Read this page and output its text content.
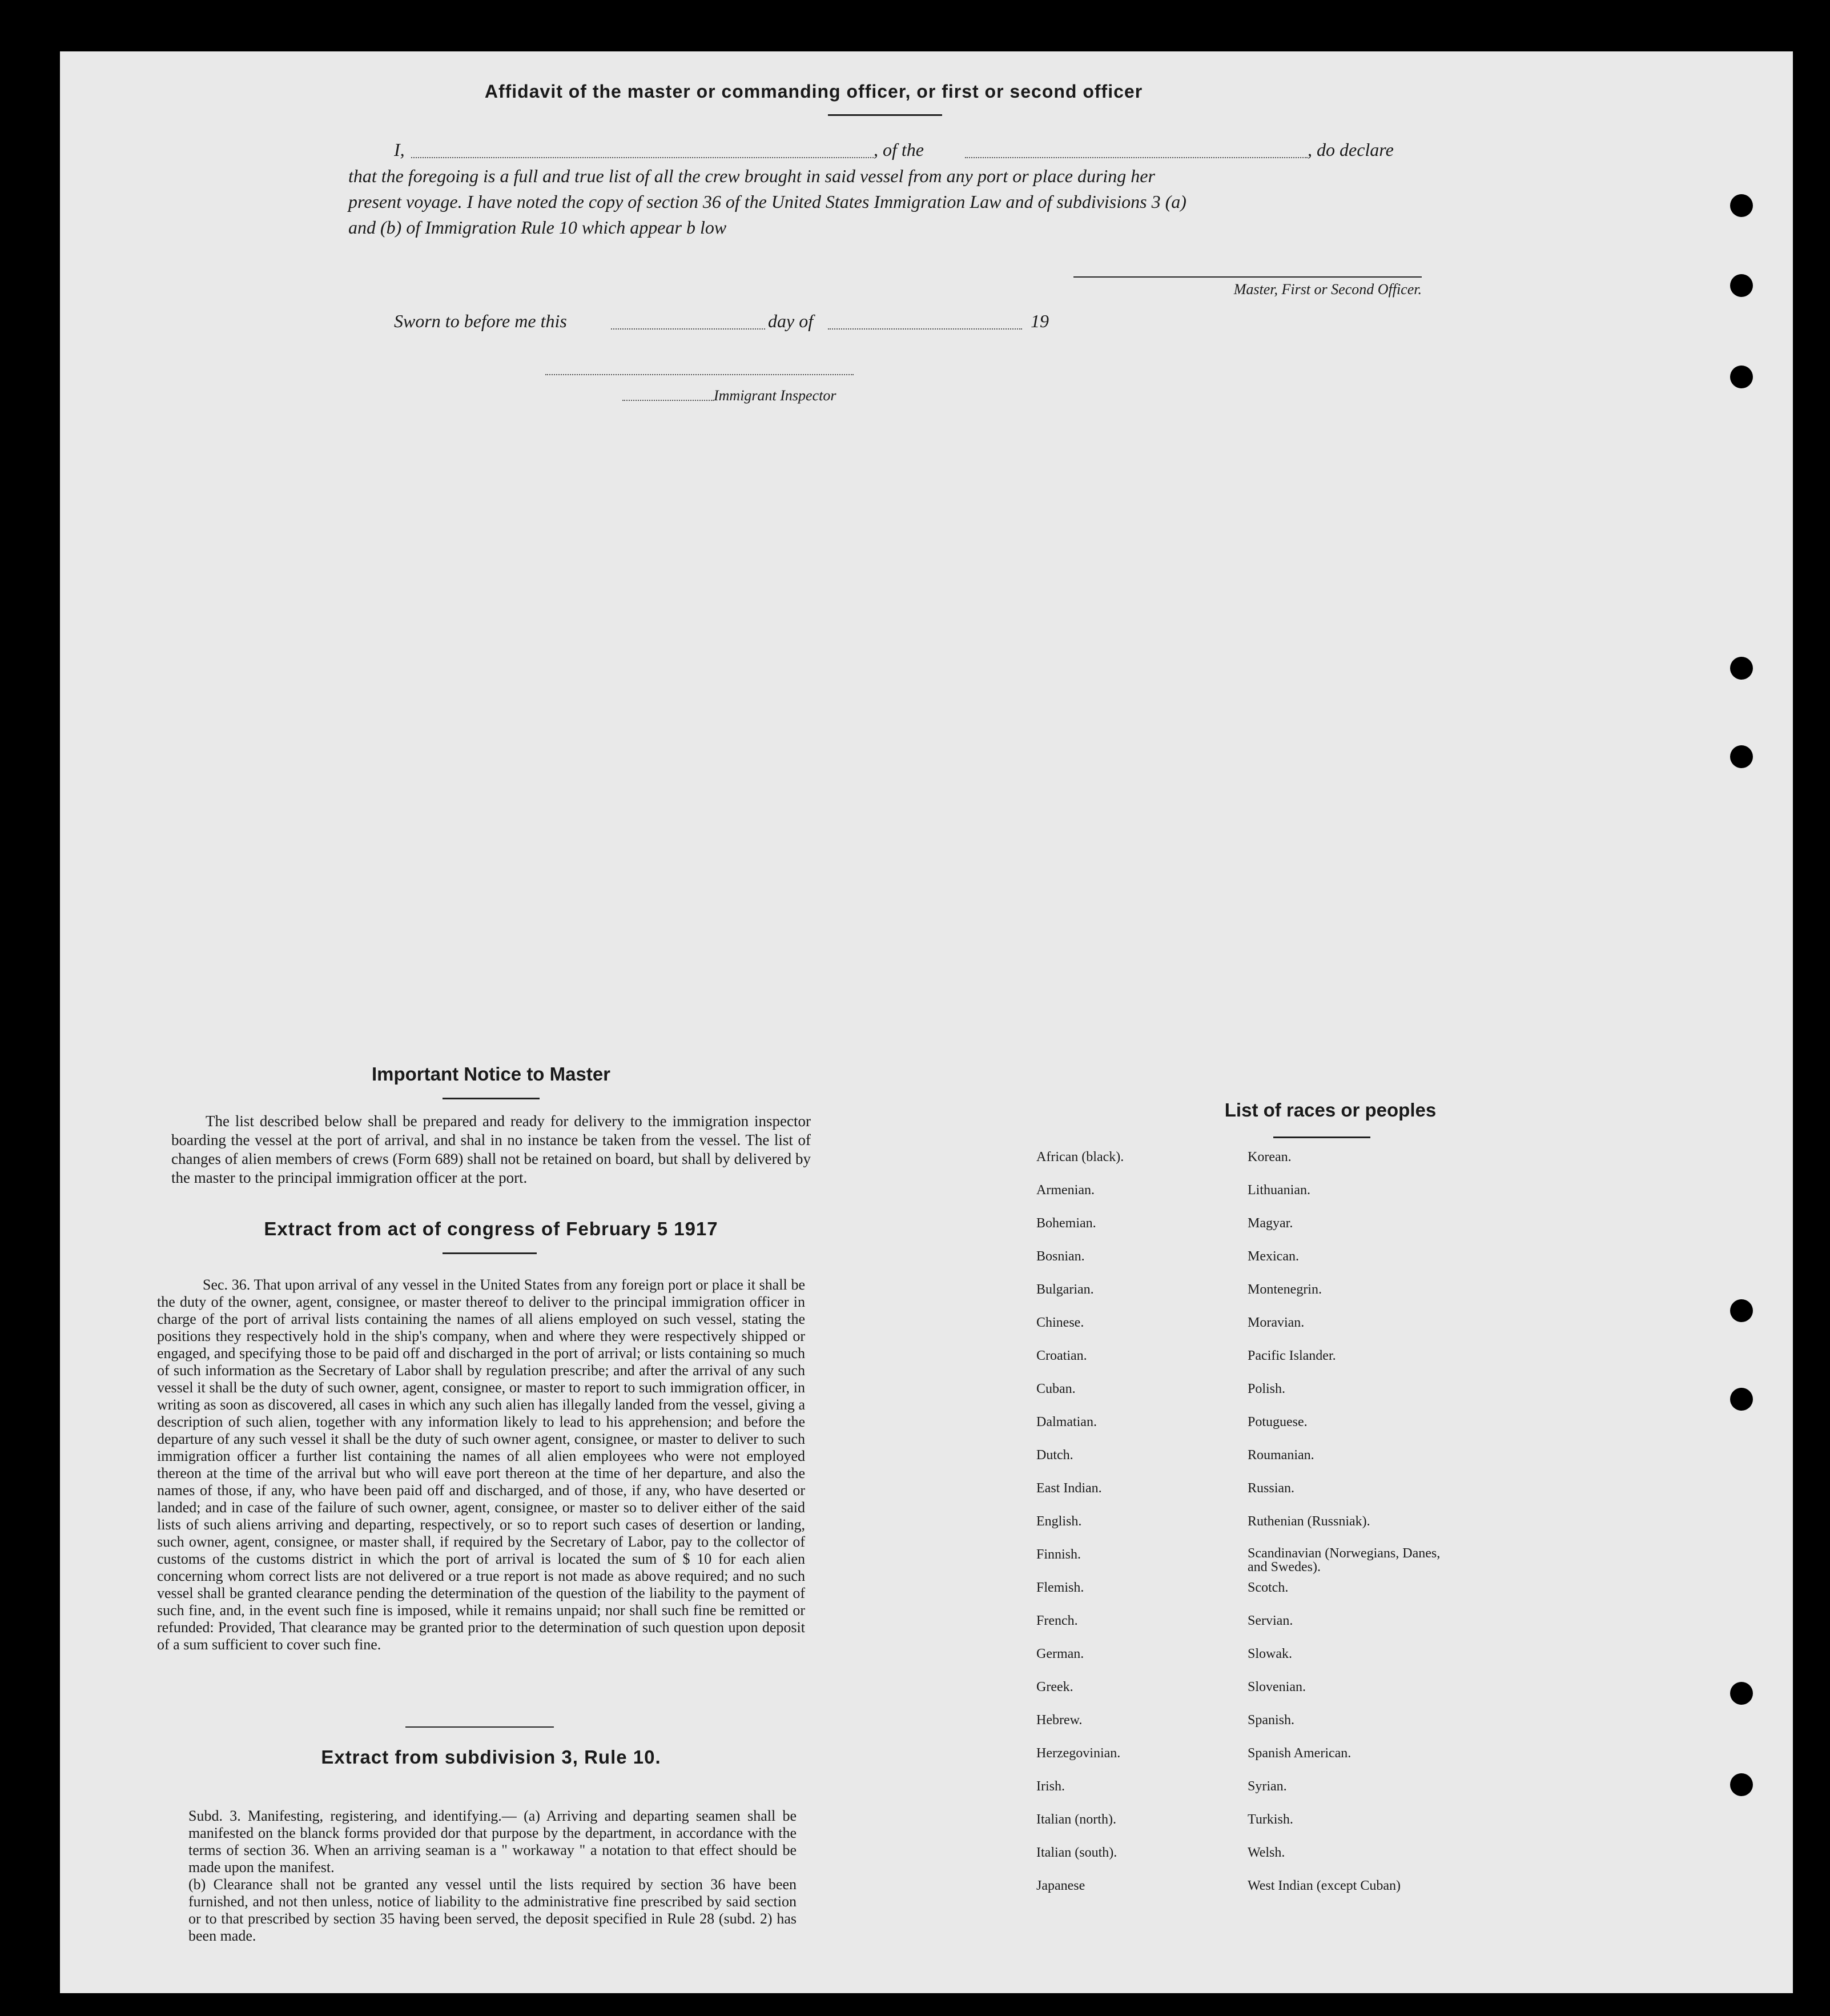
Affidavit of the master or commanding officer, or first or second officer
I,	, of the	, do declare
that the foregoing is a full and true list of all the crew brought in said vessel from any port or place during her
present voyage. I have noted the copy of section 36 of the United States Immigration Law and of subdivisions 3 (a)
and (b) of Immigration Rule 10 which appear b low
Master, First or Second Officer.
Sworn to before me this	day of	19
Immigrant Inspector
Important Notice to Master
The list described below shall be prepared and ready for delivery to the immigration inspector boarding the vessel at the port of arrival, and shal in no instance be taken from the vessel. The list of changes of alien members of crews (Form 689) shall not be retained on board, but shall by delivered by the master to the principal immigration officer at the port.
Extract from act of congress of February 5 1917
Sec. 36. That upon arrival of any vessel in the United States from any foreign port or place it shall be the duty of the owner, agent, consignee, or master thereof to deliver to the principal immigration officer in charge of the port of arrival lists containing the names of all aliens employed on such vessel, stating the positions they respectively hold in the ship's company, when and where they were respectively shipped or engaged, and specifying those to be paid off and discharged in the port of arrival; or lists containing so much of such information as the Secretary of Labor shall by regulation prescribe; and after the arrival of any such vessel it shall be the duty of such owner, agent, consignee, or master to report to such immigration officer, in writing as soon as discovered, all cases in which any such alien has illegally landed from the vessel, giving a description of such alien, together with any information likely to lead to his apprehension; and before the departure of any such vessel it shall be the duty of such owner agent, consignee, or master to deliver to such immigration officer a further list containing the names of all alien employees who were not employed thereon at the time of the arrival but who will eave port thereon at the time of her departure, and also the names of those, if any, who have been paid off and discharged, and of those, if any, who have deserted or landed; and in case of the failure of such owner, agent, consignee, or master so to deliver either of the said lists of such aliens arriving and departing, respectively, or so to report such cases of desertion or landing, such owner, agent, consignee, or master shall, if required by the Secretary of Labor, pay to the collector of customs of the customs district in which the port of arrival is located the sum of $ 10 for each alien concerning whom correct lists are not delivered or a true report is not made as above required; and no such vessel shall be granted clearance pending the determination of the question of the liability to the payment of such fine, and, in the event such fine is imposed, while it remains unpaid; nor shall such fine be remitted or refunded: Provided, That clearance may be granted prior to the determination of such question upon deposit of a sum sufficient to cover such fine.
Extract from subdivision 3, Rule 10.
Subd. 3. Manifesting, registering, and identifying.— (a) Arriving and departing seamen shall be manifested on the blanck forms provided dor that purpose by the department, in accordance with the terms of section 36. When an arriving seaman is a " workaway " a notation to that effect should be made upon the manifest.
(b) Clearance shall not be granted any vessel until the lists required by section 36 have been furnished, and not then unless, notice of liability to the administrative fine prescribed by said section or to that prescribed by section 35 having been served, the deposit specified in Rule 28 (subd. 2) has been made.
List of races or peoples
African (black).	Korean.
Armenian.	Lithuanian.
Bohemian.	Magyar.
Bosnian.	Mexican.
Bulgarian.	Montenegrin.
Chinese.	Moravian.
Croatian.	Pacific Islander.
Cuban.	Polish.
Dalmatian.	Potuguese.
Dutch.	Roumanian.
East Indian.	Russian.
English.	Ruthenian (Russniak).
Finnish.	Scandinavian (Norwegians, Danes, and Swedes).
Flemish.	Scotch.
French.	Servian.
German.	Slowak.
Greek.	Slovenian.
Hebrew.	Spanish.
Herzegovinian.	Spanish American.
Irish.	Syrian.
Italian (north).	Turkish.
Italian (south).	Welsh.
Japanese	West Indian (except Cuban)
